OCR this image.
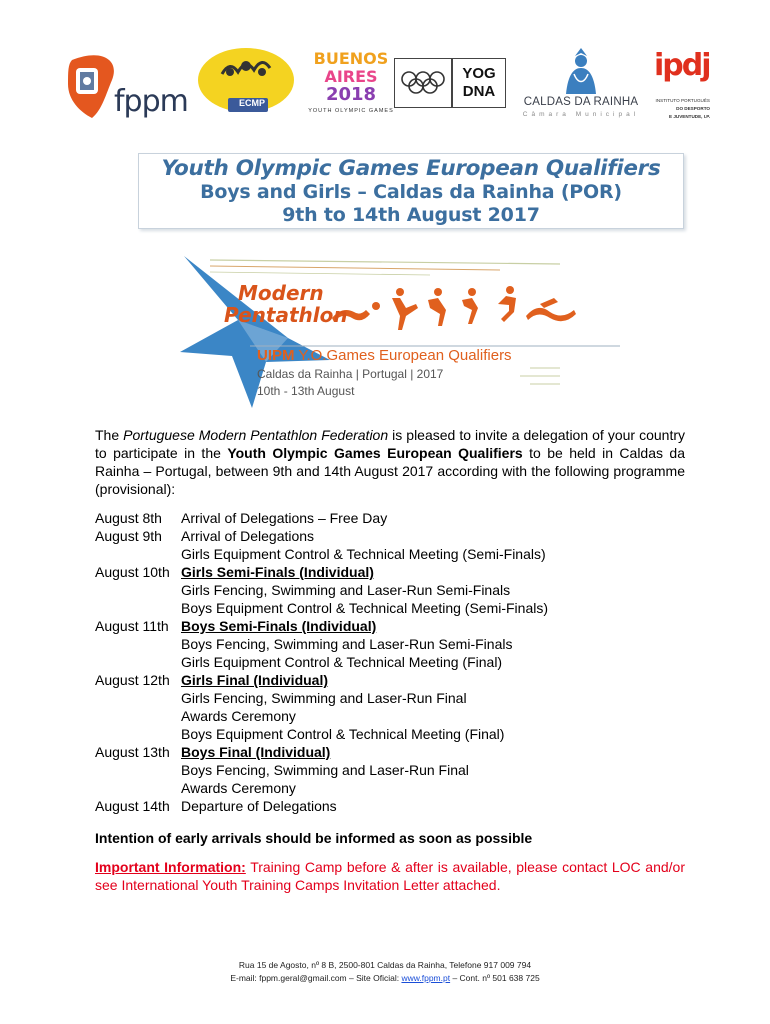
fppm	ECMP
BUENOS
AIRES
2018
YOUTH OLYMPIC GAMES
YOG
DNA
CALDAS DA RAINHA
Câmara Municipal
ipdj
INSTITUTO PORTUGUÊS
DO DESPORTO
E JUVENTUDE, I.P.
Youth Olympic Games European Qualifiers
Boys and Girls – Caldas da Rainha (POR)
9th to 14th August 2017
Modern
Pentathlon
UIPM Y.O.Games European Qualifiers
Caldas da Rainha | Portugal | 2017
10th - 13th August
The Portuguese Modern Pentathlon Federation is pleased to invite a delegation of your country to participate in the Youth Olympic Games European Qualifiers to be held in Caldas da Rainha – Portugal, between 9th and 14th August 2017 according with the following programme (provisional):
August 8th Arrival of Delegations – Free Day
August 9th Arrival of Delegations
Girls Equipment Control & Technical Meeting (Semi-Finals)
August 10th Girls Semi-Finals (Individual)
Girls Fencing, Swimming and Laser-Run Semi-Finals
Boys Equipment Control & Technical Meeting (Semi-Finals)
August 11th Boys Semi-Finals (Individual)
Boys Fencing, Swimming and Laser-Run Semi-Finals
Girls Equipment Control & Technical Meeting (Final)
August 12th Girls Final (Individual)
Girls Fencing, Swimming and Laser-Run Final
Awards Ceremony
Boys Equipment Control & Technical Meeting (Final)
August 13th Boys Final (Individual)
Boys Fencing, Swimming and Laser-Run Final
Awards Ceremony
August 14th Departure of Delegations
Intention of early arrivals should be informed as soon as possible
Important Information: Training Camp before & after is available, please contact LOC and/or see International Youth Training Camps Invitation Letter attached.
Rua 15 de Agosto, nº 8 B, 2500-801 Caldas da Rainha, Telefone 917 009 794
E-mail: fppm.geral@gmail.com – Site Oficial: www.fppm.pt – Cont. nº 501 638 725
